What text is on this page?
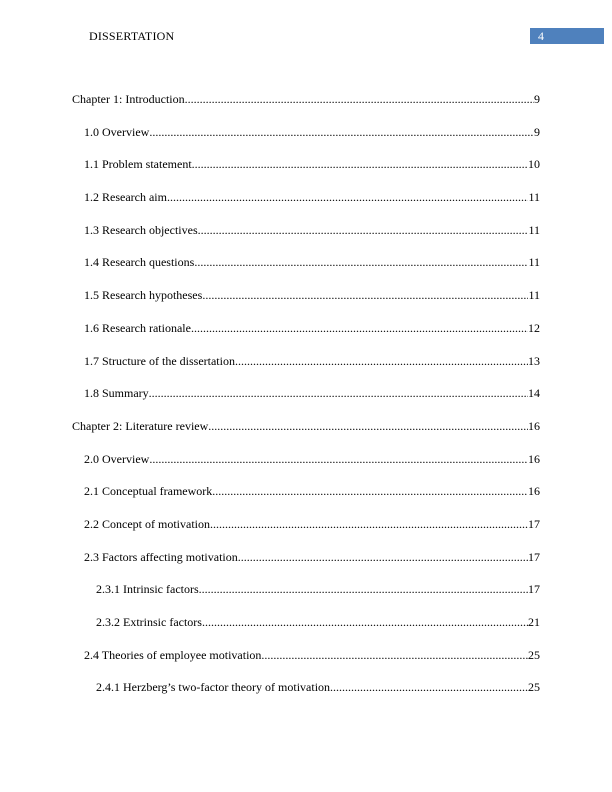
DISSERTATION	4
Chapter 1: Introduction .....	9
1.0 Overview .....	9
1.1 Problem statement .....	10
1.2 Research aim .....	11
1.3 Research objectives .....	11
1.4 Research questions .....	11
1.5 Research hypotheses .....	11
1.6 Research rationale .....	12
1.7 Structure of the dissertation .....	13
1.8 Summary .....	14
Chapter 2: Literature review .....	16
2.0 Overview .....	16
2.1 Conceptual framework .....	16
2.2 Concept of motivation .....	17
2.3 Factors affecting motivation .....	17
2.3.1 Intrinsic factors .....	17
2.3.2 Extrinsic factors .....	21
2.4 Theories of employee motivation .....	25
2.4.1 Herzberg’s two-factor theory of motivation .....	25
